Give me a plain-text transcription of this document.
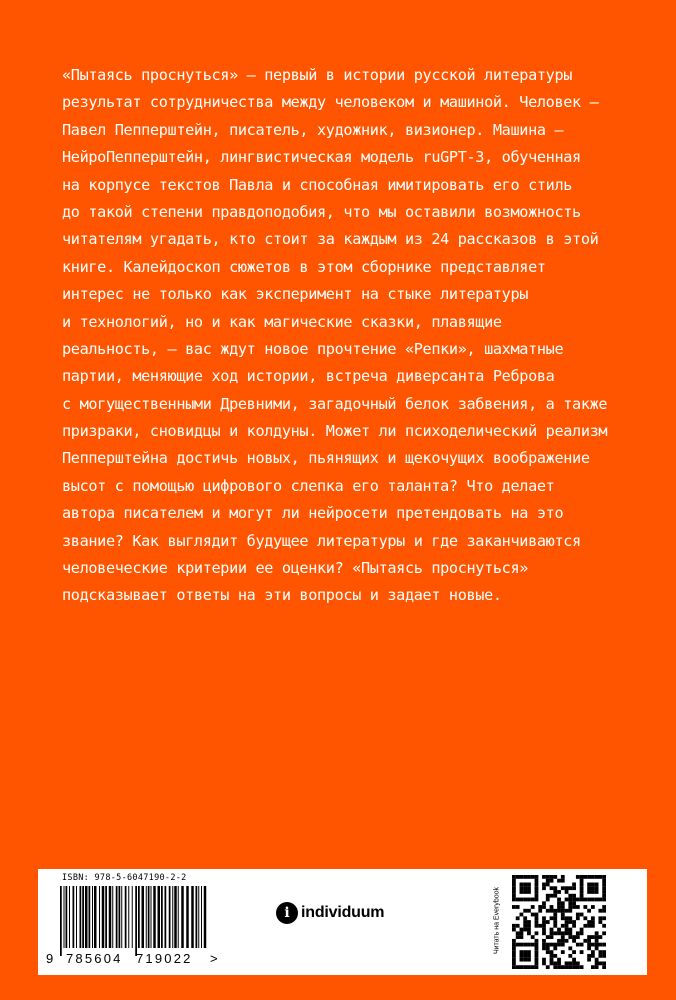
«Пытаясь проснуться» — первый в истории русской литературы
результат сотрудничества между человеком и машиной. Человек —
Павел Пепперштейн, писатель, художник, визионер. Машина —
НейроПепперштейн, лингвистическая модель ruGPT-3, обученная
на корпусе текстов Павла и способная имитировать его стиль
до такой степени правдоподобия, что мы оставили возможность
читателям угадать, кто стоит за каждым из 24 рассказов в этой
книге. Калейдоскоп сюжетов в этом сборнике представляет
интерес не только как эксперимент на стыке литературы
и технологий, но и как магические сказки, плавящие
реальность, — вас ждут новое прочтение «Репки», шахматные
партии, меняющие ход истории, встреча диверсанта Реброва
с могущественными Древними, загадочный белок забвения, а также
призраки, сновидцы и колдуны. Может ли психоделический реализм
Пепперштейна достичь новых, пьянящих и щекочущих воображение
высот с помощью цифрового слепка его таланта? Что делает
автора писателем и могут ли нейросети претендовать на это
звание? Как выглядит будущее литературы и где заканчиваются
человеческие критерии ее оценки? «Пытаясь проснуться»
подсказывает ответы на эти вопросы и задает новые.
ISBN: 978-5-6047190-2-2
9 785604 719022 >
i individuum	Читать на Everybook
